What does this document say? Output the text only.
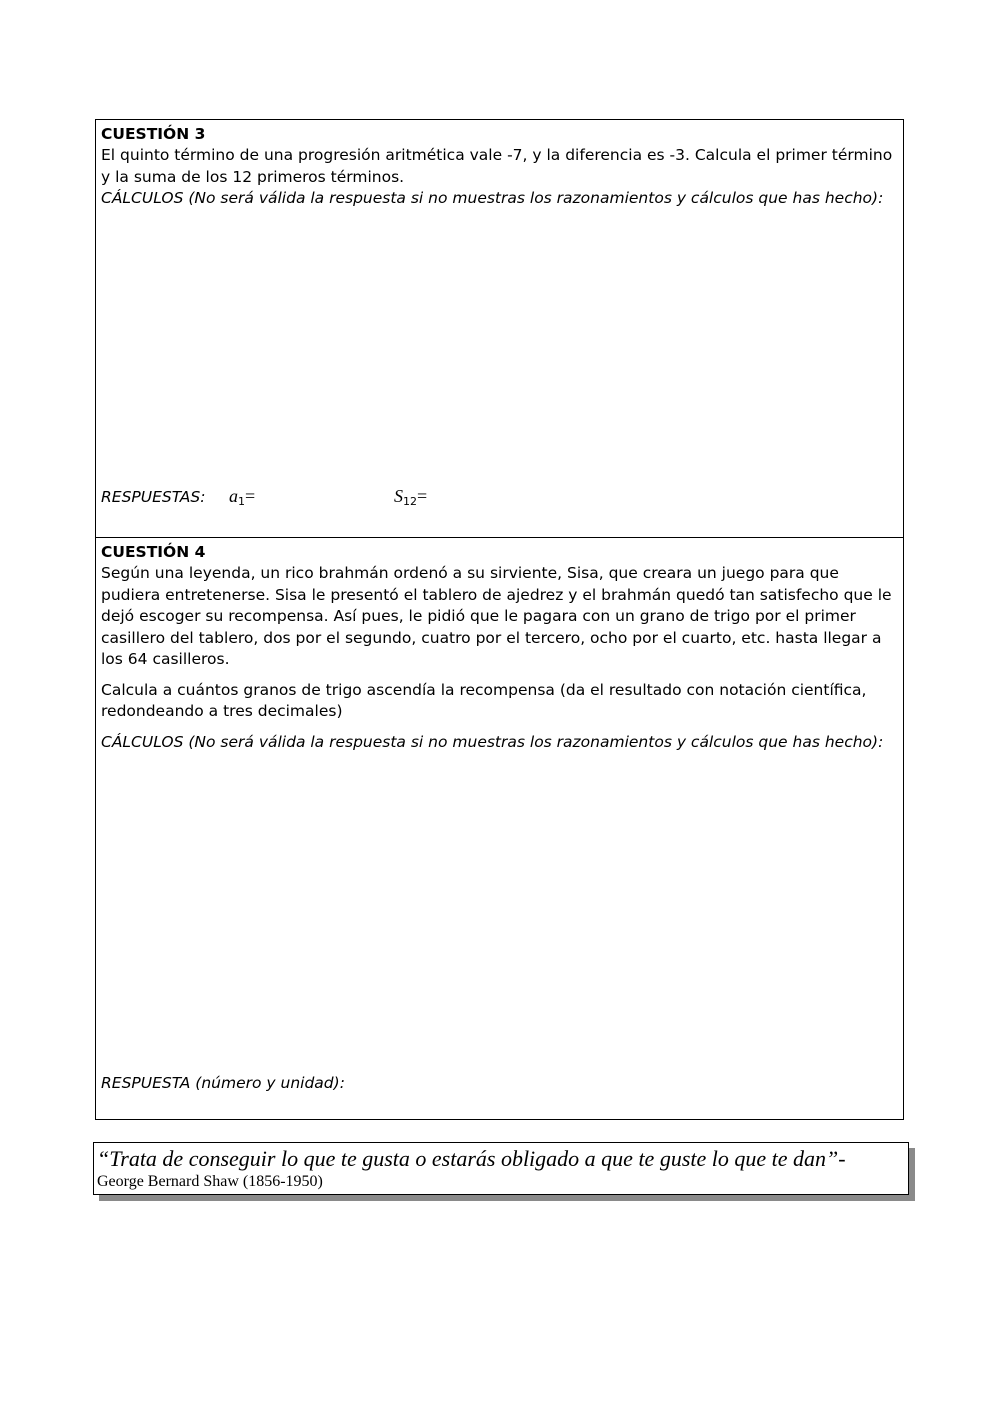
CUESTIÓN 3

El quinto término de una progresión aritmética vale -7, y la diferencia es -3. Calcula el primer término y la suma de los 12 primeros términos.

CÁLCULOS (No será válida la respuesta si no muestras los razonamientos y cálculos que has hecho):
RESPUESTAS: $a_1=$	$S_{12}=$
CUESTIÓN 4

Según una leyenda, un rico brahmán ordenó a su sirviente, Sisa, que creara un juego para que pudiera entretenerse. Sisa le presentó el tablero de ajedrez y el brahmán quedó tan satisfecho que le dejó escoger su recompensa. Así pues, le pidió que le pagara con un grano de trigo por el primer casillero del tablero, dos por el segundo, cuatro por el tercero, ocho por el cuarto, etc. hasta llegar a los 64 casilleros.

Calcula a cuántos granos de trigo ascendía la recompensa (da el resultado con notación científica, redondeando a tres decimales)

CÁLCULOS (No será válida la respuesta si no muestras los razonamientos y cálculos que has hecho):
RESPUESTA (número y unidad):
“Trata de conseguir lo que te gusta o estarás obligado a que te guste lo que te dan”-
George Bernard Shaw (1856-1950)
